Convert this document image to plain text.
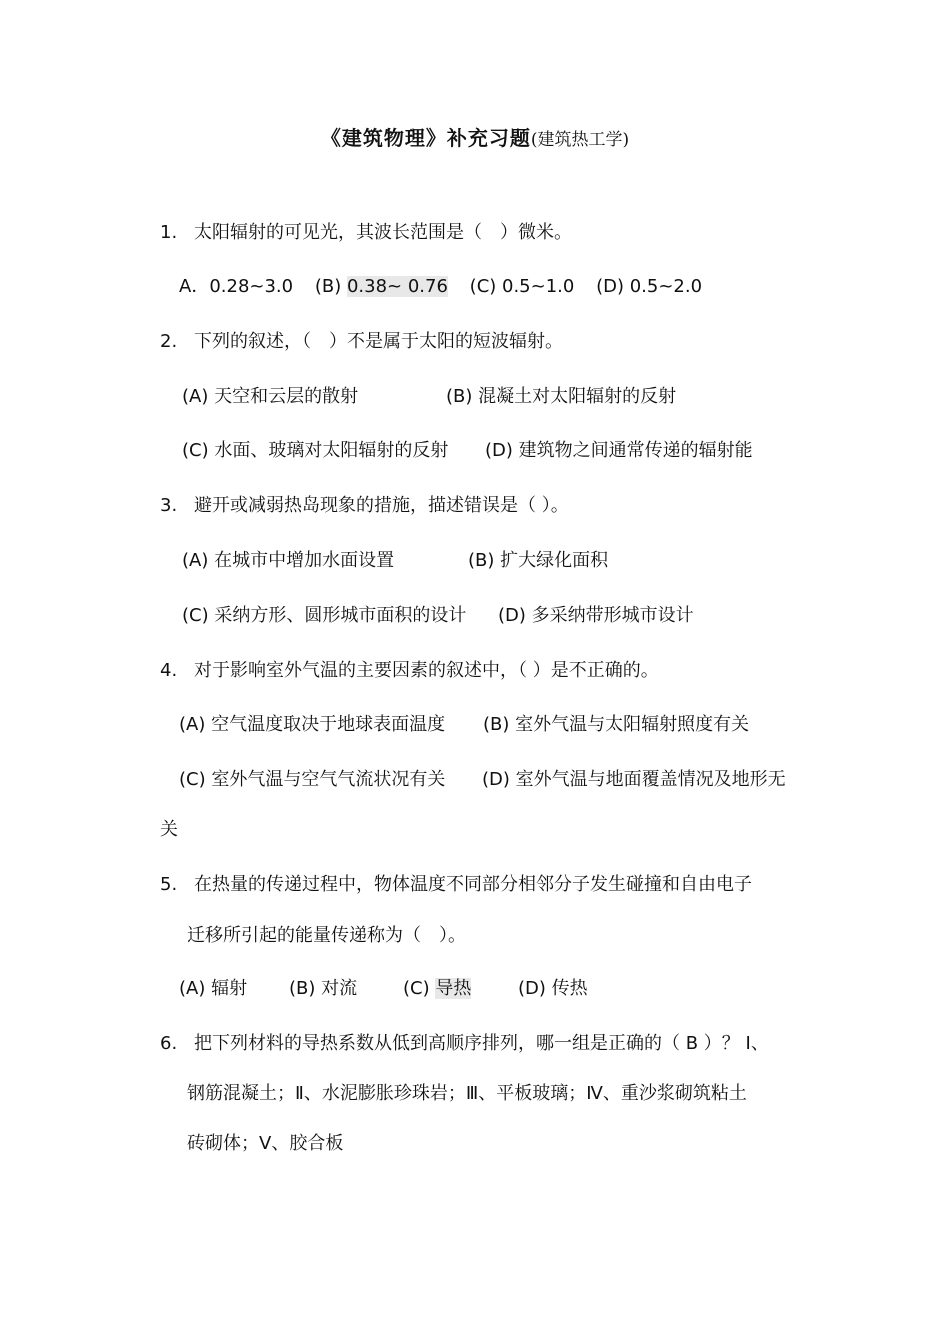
《建筑物理》补充习题(建筑热工学)
1. 太阳辐射的可见光，其波长范围是（　）微米。
A．0.28~3.0 (B) 0.38~ 0.76 (C) 0.5~1.0 (D) 0.5~2.0
2. 下列的叙述，（　）不是属于太阳的短波辐射。
(A) 天空和云层的散射	(B) 混凝土对太阳辐射的反射
(C) 水面、玻璃对太阳辐射的反射 (D) 建筑物之间通常传递的辐射能
3. 避开或减弱热岛现象的措施，描述错误是（ ）。
(A) 在城市中增加水面设置	(B) 扩大绿化面积
(C) 采纳方形、圆形城市面积的设计 (D) 多采纳带形城市设计
4. 对于影响室外气温的主要因素的叙述中，（ ）是不正确的。
(A) 空气温度取决于地球表面温度 (B) 室外气温与太阳辐射照度有关
(C) 室外气温与空气气流状况有关 (D) 室外气温与地面覆盖情况及地形无
关
5. 在热量的传递过程中，物体温度不同部分相邻分子发生碰撞和自由电子
迁移所引起的能量传递称为（　）。
(A) 辐射 (B) 对流	(C) 导热	(D) 传热
6. 把下列材料的导热系数从低到高顺序排列，哪一组是正确的（ B ）？ Ⅰ、
钢筋混凝土；Ⅱ、水泥膨胀珍珠岩；Ⅲ、平板玻璃；Ⅳ、重沙浆砌筑粘土
砖砌体；Ⅴ、胶合板
